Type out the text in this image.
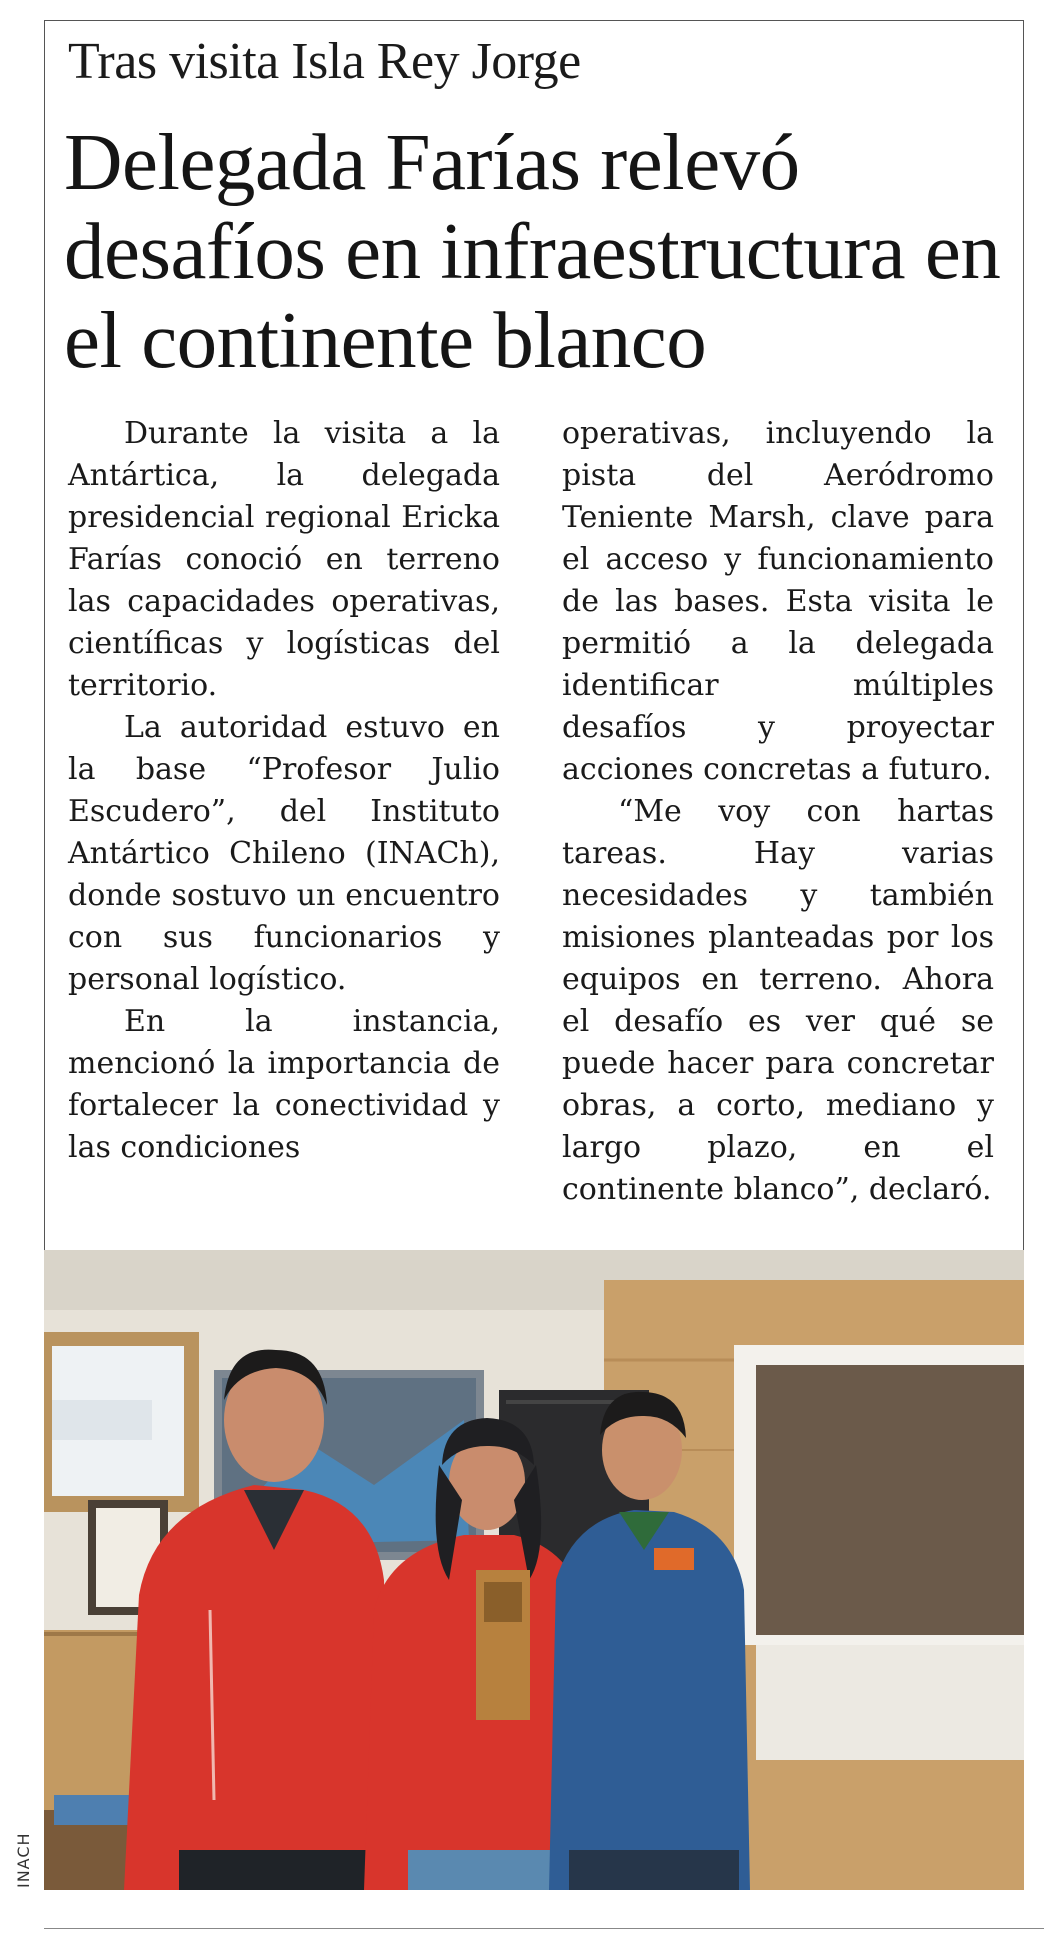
Tras visita Isla Rey Jorge
Delegada Farías relevó desafíos en infraestructura en el continente blanco

Durante la visita a la Antártica, la delegada presidencial regional Ericka Farías conoció en terreno las capacidades operativas, científicas y logísticas del territorio.

La autoridad estuvo en la base “Profesor Julio Escudero”, del Instituto Antártico Chileno (INACh), donde sostuvo un encuentro con sus funcionarios y personal logístico.

En la instancia, mencionó la importancia de fortalecer la conectividad y las condiciones

operativas, incluyendo la pista del Aeródromo Teniente Marsh, clave para el acceso y funcionamiento de las bases. Esta visita le permitió a la delegada identificar múltiples desafíos y proyectar acciones concretas a futuro.

“Me voy con hartas tareas. Hay varias necesidades y también misiones planteadas por los equipos en terreno. Ahora el desafío es ver qué se puede hacer para concretar obras, a corto, mediano y largo plazo, en el continente blanco”, declaró.

INACH
